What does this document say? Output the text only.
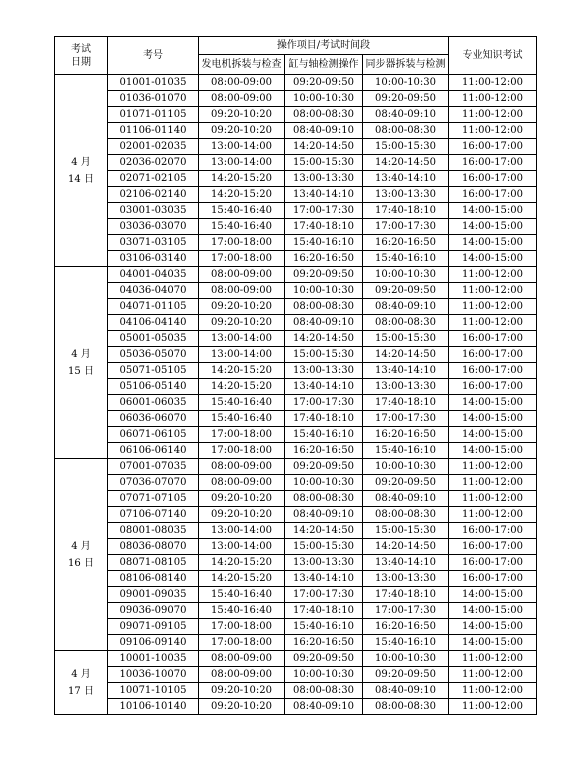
考试
日期	考号	操作项目/考试时间段			专业知识考试
		发电机拆装与检查	缸与轴检测操作	同步器拆装与检测	

4 月
14 日	01001-01035	08:00-09:00	09:20-09:50	10:00-10:30	11:00-12:00
	01036-01070	08:00-09:00	10:00-10:30	09:20-09:50	11:00-12:00
	01071-01105	09:20-10:20	08:00-08:30	08:40-09:10	11:00-12:00
	01106-01140	09:20-10:20	08:40-09:10	08:00-08:30	11:00-12:00
	02001-02035	13:00-14:00	14:20-14:50	15:00-15:30	16:00-17:00
	02036-02070	13:00-14:00	15:00-15:30	14:20-14:50	16:00-17:00
	02071-02105	14:20-15:20	13:00-13:30	13:40-14:10	16:00-17:00
	02106-02140	14:20-15:20	13:40-14:10	13:00-13:30	16:00-17:00
	03001-03035	15:40-16:40	17:00-17:30	17:40-18:10	14:00-15:00
	03036-03070	15:40-16:40	17:40-18:10	17:00-17:30	14:00-15:00
	03071-03105	17:00-18:00	15:40-16:10	16:20-16:50	14:00-15:00
	03106-03140	17:00-18:00	16:20-16:50	15:40-16:10	14:00-15:00

4 月
15 日	04001-04035	08:00-09:00	09:20-09:50	10:00-10:30	11:00-12:00
	04036-04070	08:00-09:00	10:00-10:30	09:20-09:50	11:00-12:00
	04071-01105	09:20-10:20	08:00-08:30	08:40-09:10	11:00-12:00
	04106-04140	09:20-10:20	08:40-09:10	08:00-08:30	11:00-12:00
	05001-05035	13:00-14:00	14:20-14:50	15:00-15:30	16:00-17:00
	05036-05070	13:00-14:00	15:00-15:30	14:20-14:50	16:00-17:00
	05071-05105	14:20-15:20	13:00-13:30	13:40-14:10	16:00-17:00
	05106-05140	14:20-15:20	13:40-14:10	13:00-13:30	16:00-17:00
	06001-06035	15:40-16:40	17:00-17:30	17:40-18:10	14:00-15:00
	06036-06070	15:40-16:40	17:40-18:10	17:00-17:30	14:00-15:00
	06071-06105	17:00-18:00	15:40-16:10	16:20-16:50	14:00-15:00
	06106-06140	17:00-18:00	16:20-16:50	15:40-16:10	14:00-15:00

4 月
16 日	07001-07035	08:00-09:00	09:20-09:50	10:00-10:30	11:00-12:00
	07036-07070	08:00-09:00	10:00-10:30	09:20-09:50	11:00-12:00
	07071-07105	09:20-10:20	08:00-08:30	08:40-09:10	11:00-12:00
	07106-07140	09:20-10:20	08:40-09:10	08:00-08:30	11:00-12:00
	08001-08035	13:00-14:00	14:20-14:50	15:00-15:30	16:00-17:00
	08036-08070	13:00-14:00	15:00-15:30	14:20-14:50	16:00-17:00
	08071-08105	14:20-15:20	13:00-13:30	13:40-14:10	16:00-17:00
	08106-08140	14:20-15:20	13:40-14:10	13:00-13:30	16:00-17:00
	09001-09035	15:40-16:40	17:00-17:30	17:40-18:10	14:00-15:00
	09036-09070	15:40-16:40	17:40-18:10	17:00-17:30	14:00-15:00
	09071-09105	17:00-18:00	15:40-16:10	16:20-16:50	14:00-15:00
	09106-09140	17:00-18:00	16:20-16:50	15:40-16:10	14:00-15:00

4 月
17 日	10001-10035	08:00-09:00	09:20-09:50	10:00-10:30	11:00-12:00
	10036-10070	08:00-09:00	10:00-10:30	09:20-09:50	11:00-12:00
	10071-10105	09:20-10:20	08:00-08:30	08:40-09:10	11:00-12:00
	10106-10140	09:20-10:20	08:40-09:10	08:00-08:30	11:00-12:00
